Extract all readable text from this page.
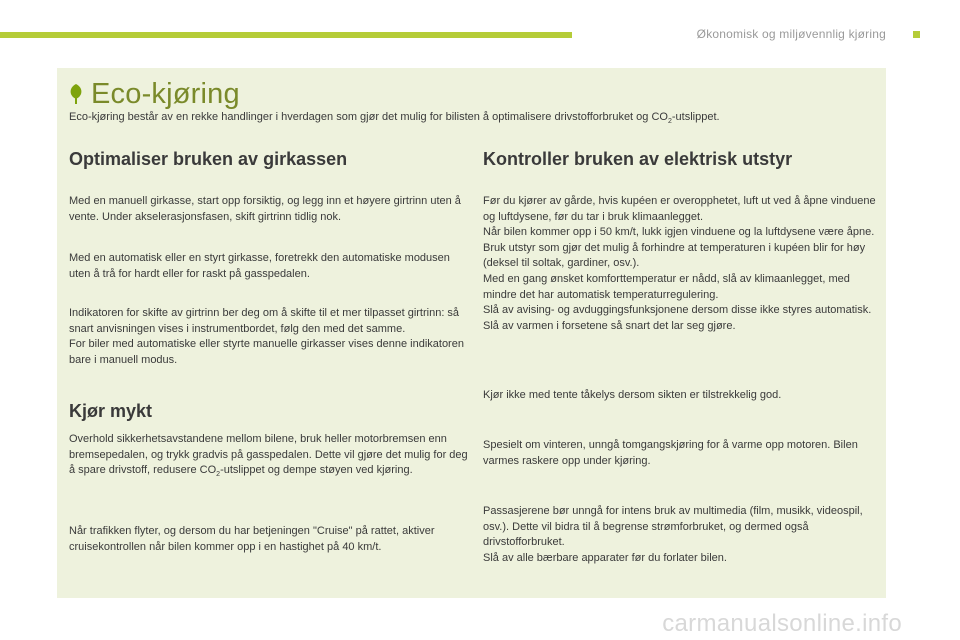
Økonomisk og miljøvennlig kjøring
Eco-kjøring
Eco-kjøring består av en rekke handlinger i hverdagen som gjør det mulig for bilisten å optimalisere drivstofforbruket og $CO_2$-utslippet.
Optimaliser bruken av girkassen

Med en manuell girkasse, start opp forsiktig, og legg inn et høyere girtrinn uten å vente. Under akselerasjonsfasen, skift girtrinn tidlig nok.

Med en automatisk eller en styrt girkasse, foretrekk den automatiske modusen uten å trå for hardt eller for raskt på gasspedalen.

Indikatoren for skifte av girtrinn ber deg om å skifte til et mer tilpasset girtrinn: så snart anvisningen vises i instrumentbordet, følg den med det samme.
For biler med automatiske eller styrte manuelle girkasser vises denne indikatoren bare i manuell modus.

Kjør mykt

Overhold sikkerhetsavstandene mellom bilene, bruk heller motorbremsen enn bremsepedalen, og trykk gradvis på gasspedalen. Dette vil gjøre det mulig for deg å spare drivstoff, redusere $CO_2$-utslippet og dempe støyen ved kjøring.

Når trafikken flyter, og dersom du har betjeningen "Cruise" på rattet, aktiver cruisekontrollen når bilen kommer opp i en hastighet på 40 km/t.

Kontroller bruken av elektrisk utstyr

Før du kjører av gårde, hvis kupéen er overopphetet, luft ut ved å åpne vinduene og luftdysene, før du tar i bruk klimaanlegget.
Når bilen kommer opp i 50 km/t, lukk igjen vinduene og la luftdysene være åpne.
Bruk utstyr som gjør det mulig å forhindre at temperaturen i kupéen blir for høy (deksel til soltak, gardiner, osv.).
Med en gang ønsket komforttemperatur er nådd, slå av klimaanlegget, med mindre det har automatisk temperaturregulering.
Slå av avising- og avduggingsfunksjonene dersom disse ikke styres automatisk.
Slå av varmen i forsetene så snart det lar seg gjøre.

Kjør ikke med tente tåkelys dersom sikten er tilstrekkelig god.

Spesielt om vinteren, unngå tomgangskjøring for å varme opp motoren. Bilen varmes raskere opp under kjøring.

Passasjerene bør unngå for intens bruk av multimedia (film, musikk, videospil, osv.). Dette vil bidra til å begrense strømforbruket, og dermed også drivstofforbruket.
Slå av alle bærbare apparater før du forlater bilen.

carmanualsonline.info
